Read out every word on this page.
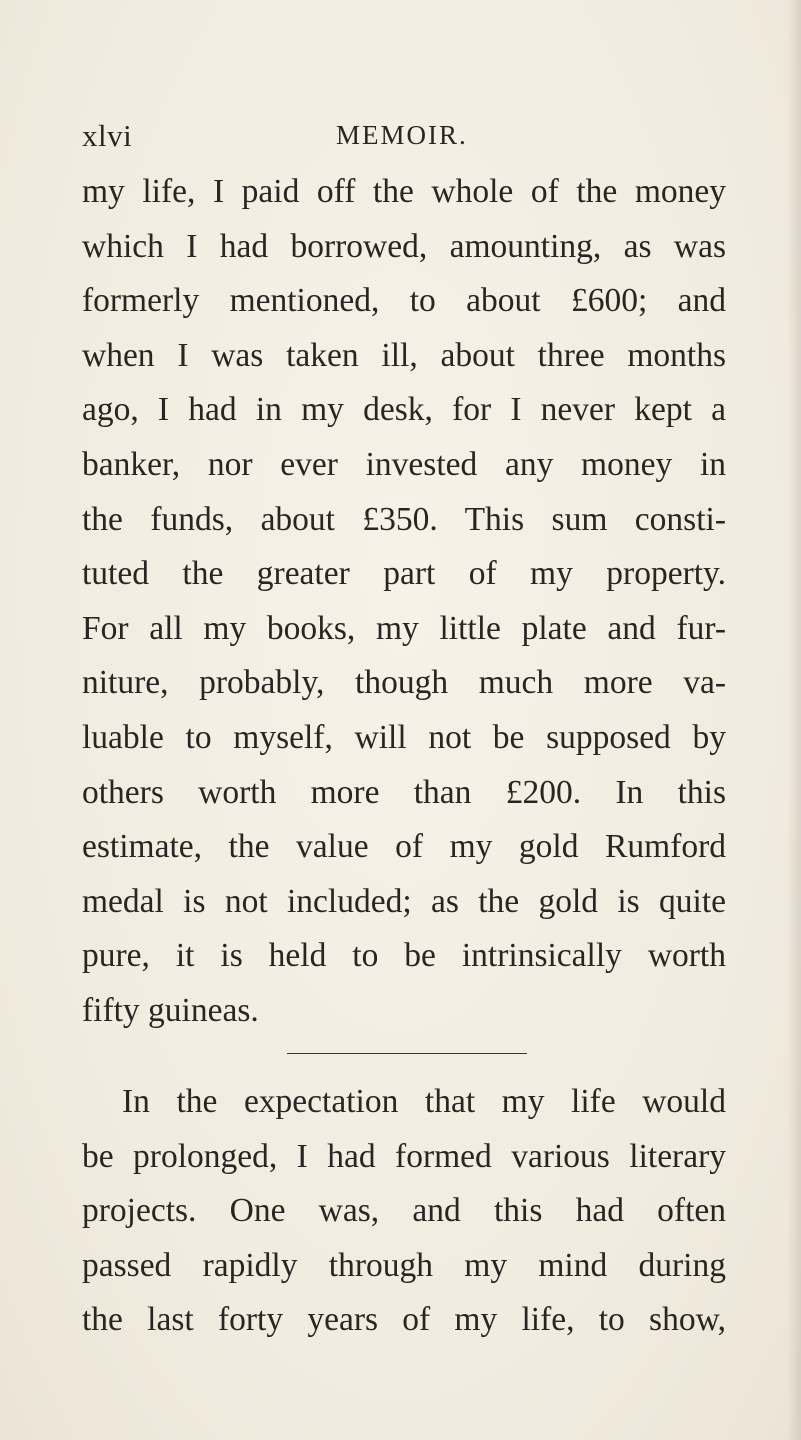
xlvi	MEMOIR.
my life, I paid off the whole of the money
which I had borrowed, amounting, as was
formerly mentioned, to about £600; and
when I was taken ill, about three months
ago, I had in my desk, for I never kept a
banker, nor ever invested any money in
the funds, about £350. This sum consti-
tuted the greater part of my property.
For all my books, my little plate and fur-
niture, probably, though much more va-
luable to myself, will not be supposed by
others worth more than £200. In this
estimate, the value of my gold Rumford
medal is not included; as the gold is quite
pure, it is held to be intrinsically worth
fifty guineas.
In the expectation that my life would
be prolonged, I had formed various literary
projects. One was, and this had often
passed rapidly through my mind during
the last forty years of my life, to show,
